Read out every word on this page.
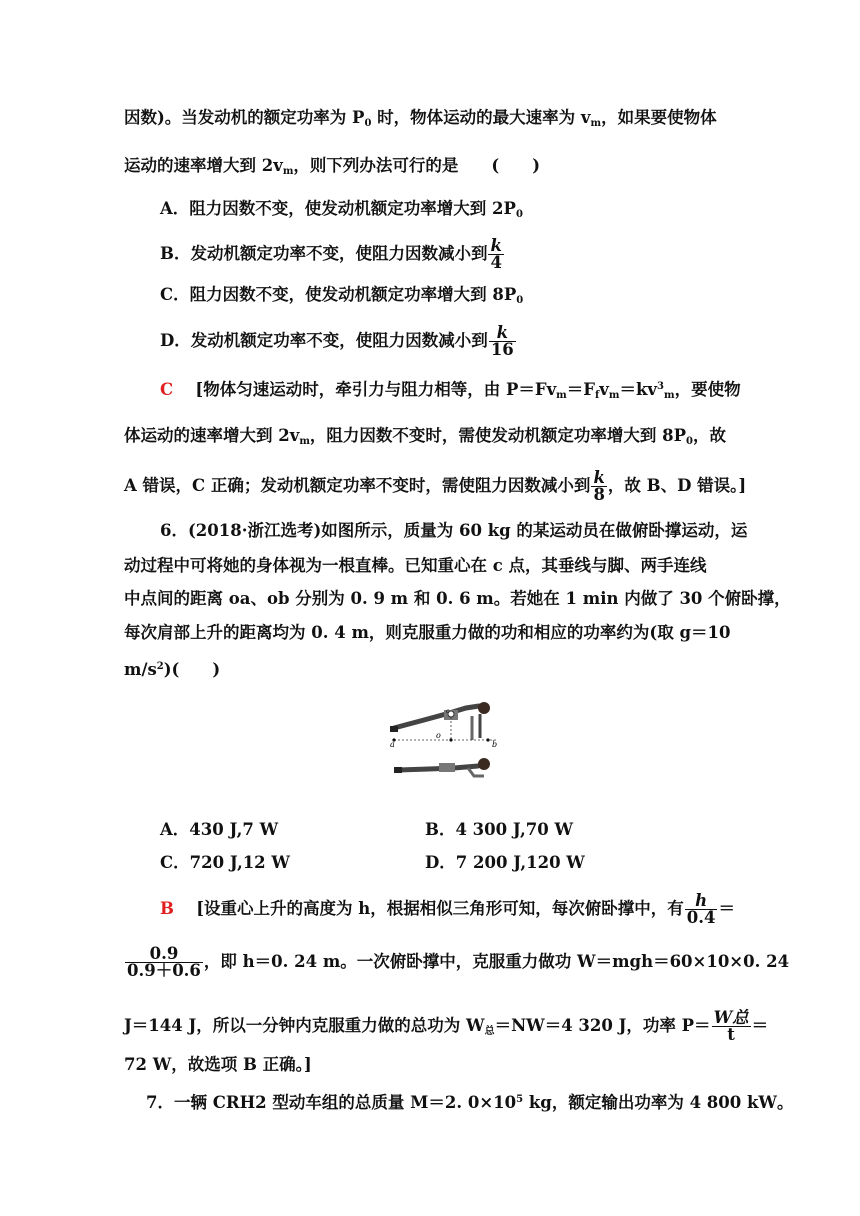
因数)。当发动机的额定功率为 $P_0$ 时，物体运动的最大速率为 $v_m$，如果要使物体
运动的速率增大到 $2v_m$，则下列办法可行的是　　(　　)
A．阻力因数不变，使发动机额定功率增大到 $2P_0$
B．发动机额定功率不变，使阻力因数减小到 $\frac{k}{4}$
C．阻力因数不变，使发动机额定功率增大到 $8P_0$
D．发动机额定功率不变，使阻力因数减小到 $\frac{k}{16}$
C　 [物体匀速运动时，牵引力与阻力相等，由 $P=Fv_m=F_fv_m=kv^3_m$，要使物
体运动的速率增大到 $2v_m$，阻力因数不变时，需使发动机额定功率增大到 $8P_0$，故
A 错误，C 正确；发动机额定功率不变时，需使阻力因数减小到 $\frac{k}{8}$ ，故 B、D 错误。]
6．(2018·浙江选考)如图所示，质量为 60 kg 的某运动员在做俯卧撑运动，运
动过程中可将她的身体视为一根直棒。已知重心在 c 点，其垂线与脚、两手连线
中点间的距离 oa、ob 分别为 0. 9 m 和 0. 6 m。若她在 1 min 内做了 30 个俯卧撑，
每次肩部上升的距离均为 0. 4 m，则克服重力做的功和相应的功率约为(取 g＝10
$m/s^2$)(　　)
a
o
b
c
A．430 J,7 W	B．4 300 J,70 W
C．720 J,12 W	D．7 200 J,120 W
B　 [设重心上升的高度为 h，根据相似三角形可知，每次俯卧撑中，有 $\frac{h}{0.4}$ ＝
$\frac{0.9}{0.9+0.6}$ ，即 h＝0. 24 m。一次俯卧撑中，克服重力做功 W＝mgh＝60×10×0. 24
J＝144 J，所以一分钟内克服重力做的总功为 $W_总=NW=4$ 320 J，功率 $P= \frac{\text{W总}}{t}$ ＝
72 W，故选项 B 正确。]
7．一辆 CRH2 型动车组的总质量 M＝2. $0\times 10^5$ kg，额定输出功率为 4 800 kW。
